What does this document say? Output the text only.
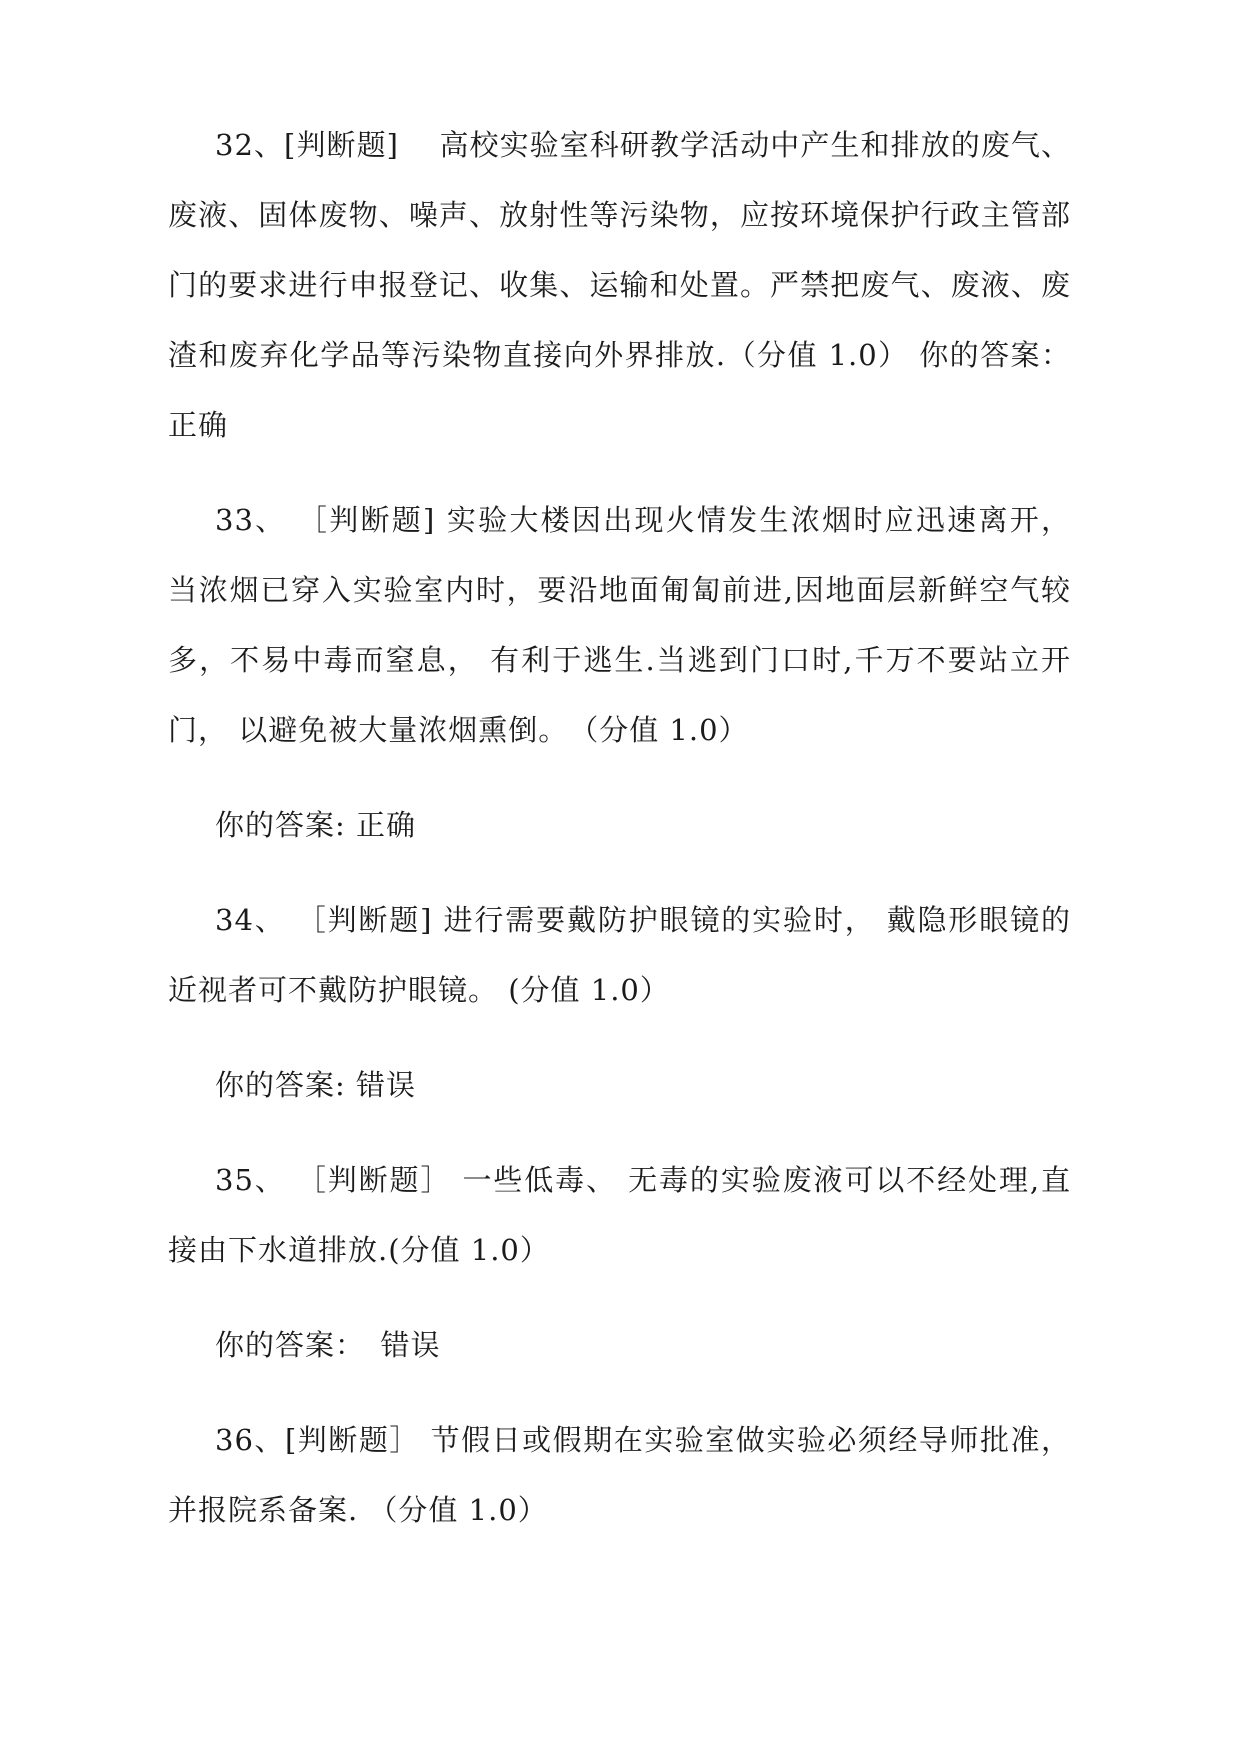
32、[判断题]　 高校实验室科研教学活动中产生和排放的废气、废液、固体废物、噪声、放射性等污染物，应按环境保护行政主管部门的要求进行申报登记、收集、运输和处置。严禁把废气、废液、废渣和废弃化学品等污染物直接向外界排放.（分值 1.0） 你的答案： 正确

33、 ［判断题] 实验大楼因出现火情发生浓烟时应迅速离开， 当浓烟已穿入实验室内时，要沿地面匍匐前进,因地面层新鲜空气较多，不易中毒而窒息， 有利于逃生.当逃到门口时,千万不要站立开门， 以避免被大量浓烟熏倒。　（分值 1.0）

你的答案: 正确

34、 ［判断题] 进行需要戴防护眼镜的实验时， 戴隐形眼镜的近视者可不戴防护眼镜。 (分值 1.0）

你的答案: 错误

35、 ［判断题］ 一些低毒、 无毒的实验废液可以不经处理,直接由下水道排放.(分值 1.0）

你的答案：　错误

36、[判断题］ 节假日或假期在实验室做实验必须经导师批准，并报院系备案. （分值 1.0）
